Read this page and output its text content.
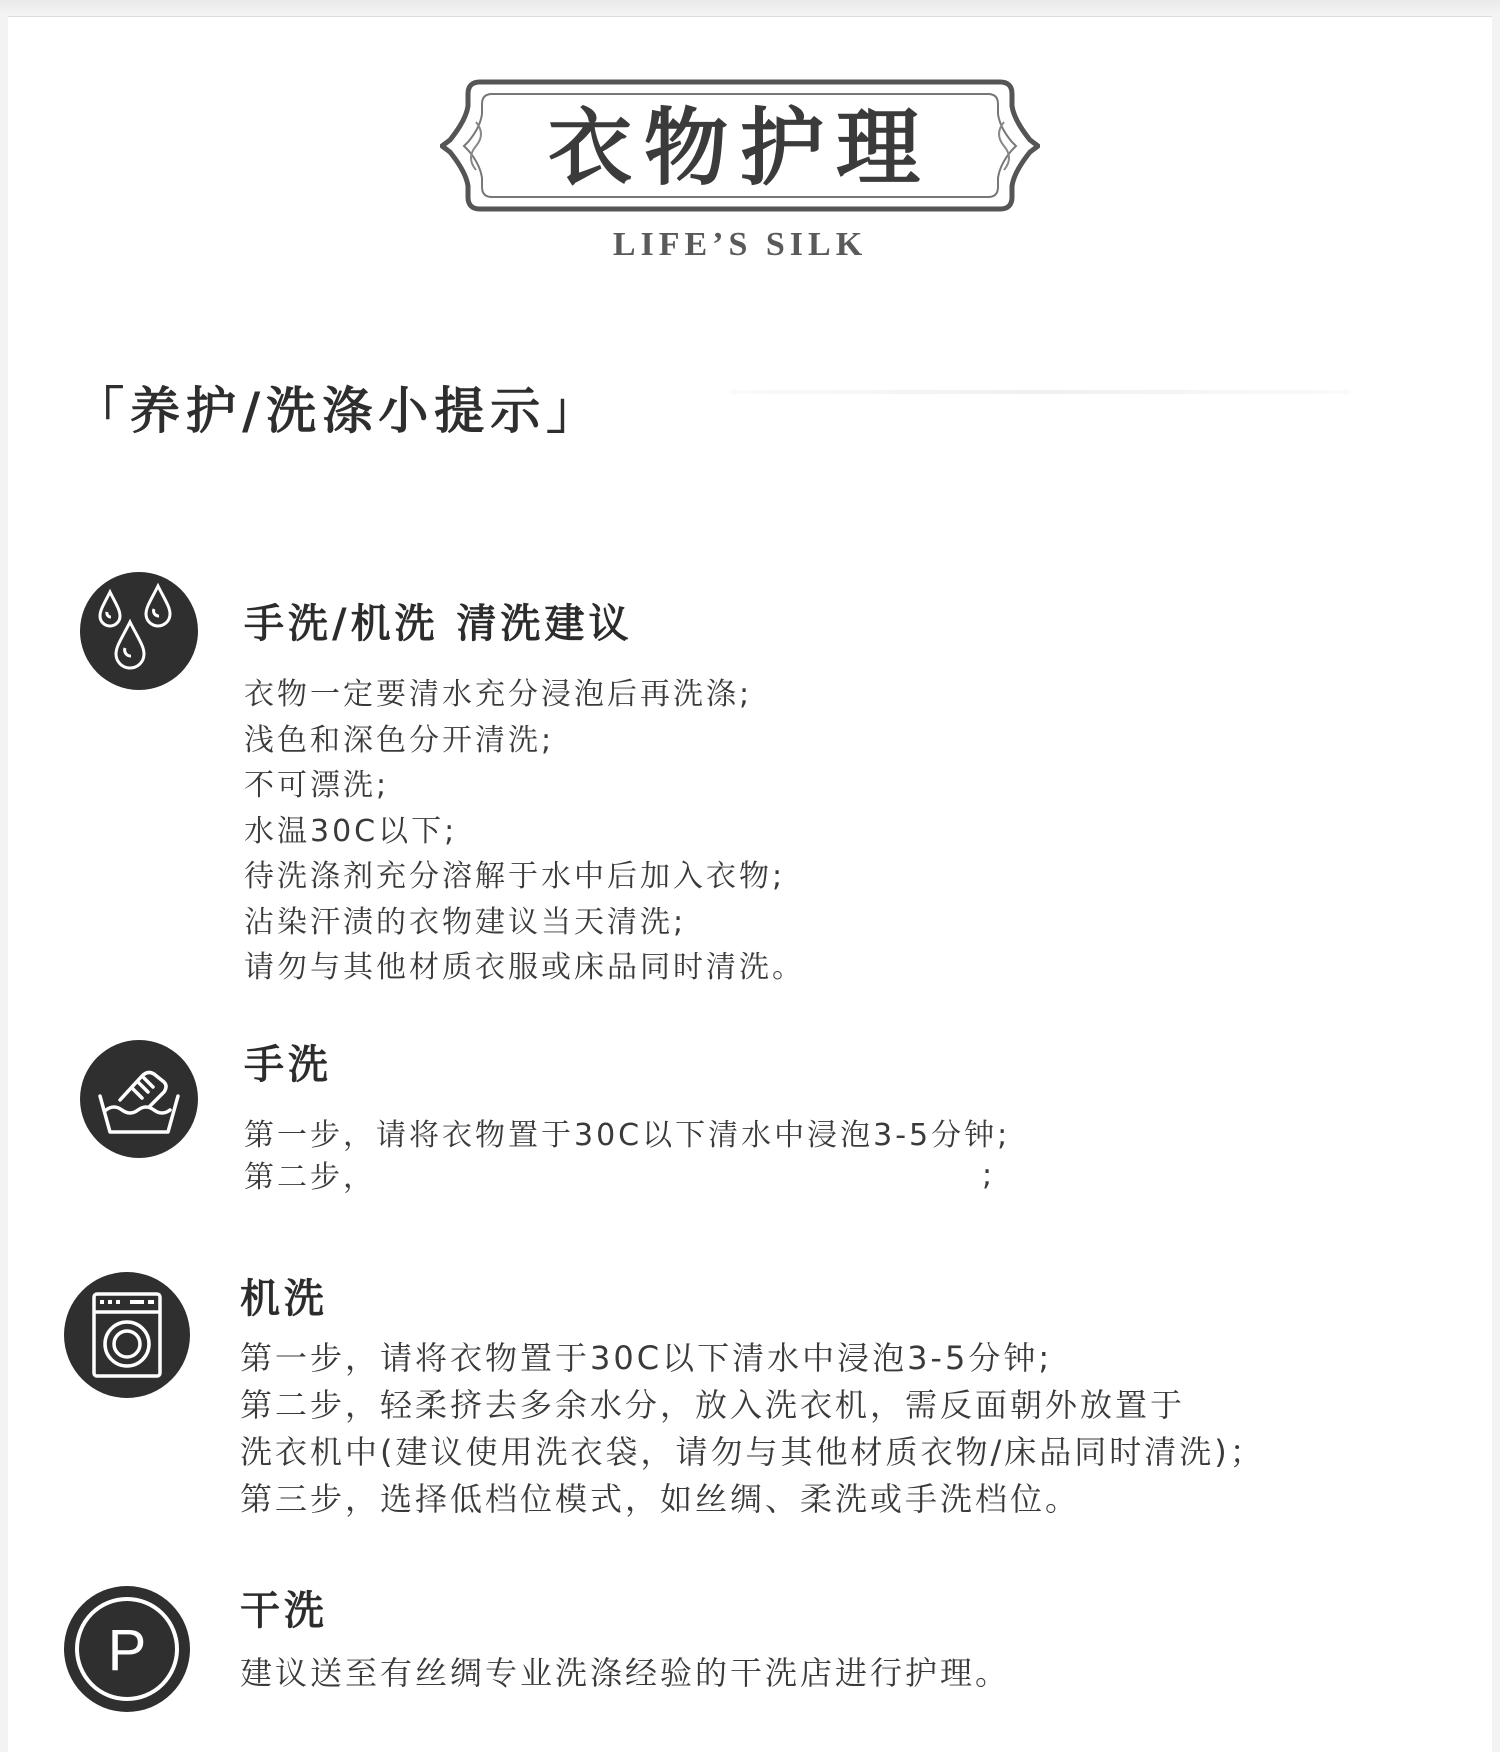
衣物护理
LIFE’S SILK
「养护/洗涤小提示」
手洗/机洗 清洗建议
衣物一定要清水充分浸泡后再洗涤;
浅色和深色分开清洗;
不可漂洗;
水温30C以下;
待洗涤剂充分溶解于水中后加入衣物;
沾染汗渍的衣物建议当天清洗;
请勿与其他材质衣服或床品同时清洗。
手洗
第一步，请将衣物置于30C以下清水中浸泡3-5分钟;
第二步，	;
机洗
第一步，请将衣物置于30C以下清水中浸泡3-5分钟;
第二步，轻柔挤去多余水分，放入洗衣机，需反面朝外放置于
洗衣机中(建议使用洗衣袋，请勿与其他材质衣物/床品同时清洗)；
第三步，选择低档位模式，如丝绸、柔洗或手洗档位。
P
干洗
建议送至有丝绸专业洗涤经验的干洗店进行护理。
